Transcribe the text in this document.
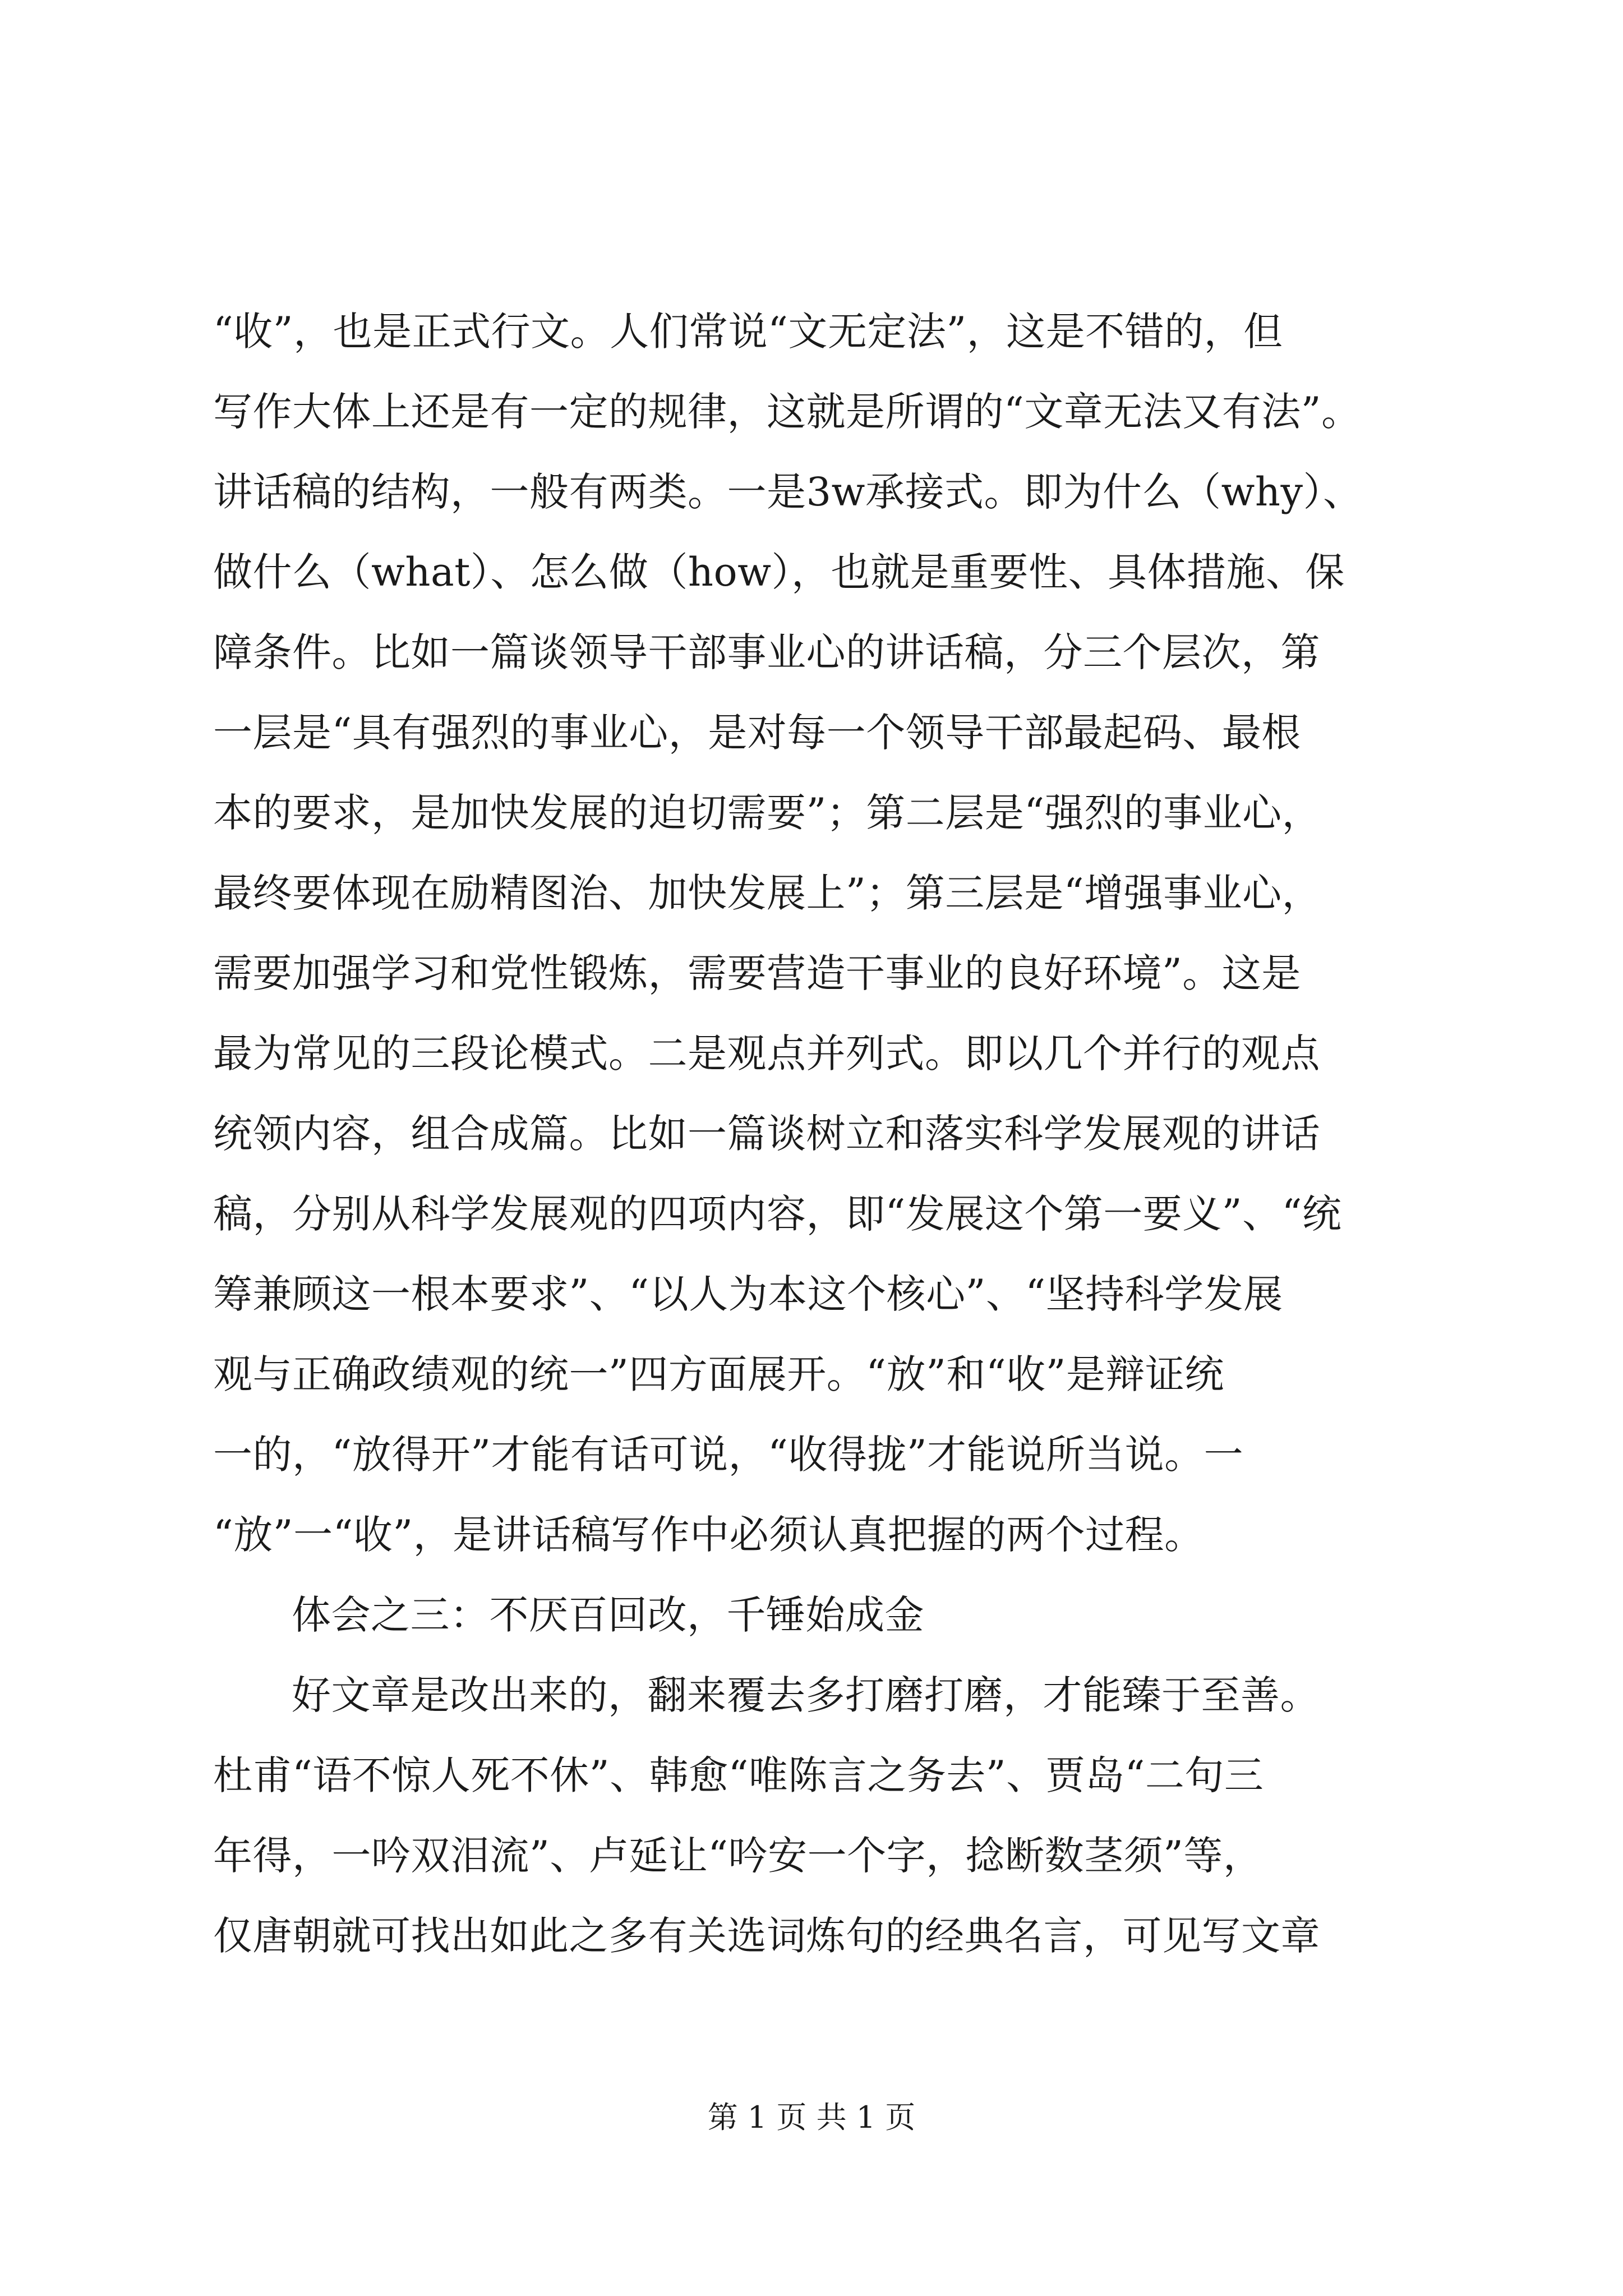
“收”，也是正式行文。人们常说“文无定法”，这是不错的，但
写作大体上还是有一定的规律，这就是所谓的“文章无法又有法”。
讲话稿的结构，一般有两类。一是3w承接式。即为什么（why）、
做什么（what）、怎么做（how），也就是重要性、具体措施、保
障条件。比如一篇谈领导干部事业心的讲话稿，分三个层次，第
一层是“具有强烈的事业心，是对每一个领导干部最起码、最根
本的要求，是加快发展的迫切需要”；第二层是“强烈的事业心，
最终要体现在励精图治、加快发展上”；第三层是“增强事业心，
需要加强学习和党性锻炼，需要营造干事业的良好环境”。这是
最为常见的三段论模式。二是观点并列式。即以几个并行的观点
统领内容，组合成篇。比如一篇谈树立和落实科学发展观的讲话
稿，分别从科学发展观的四项内容，即“发展这个第一要义”、“统
筹兼顾这一根本要求”、“以人为本这个核心”、“坚持科学发展
观与正确政绩观的统一”四方面展开。“放”和“收”是辩证统
一的，“放得开”才能有话可说，“收得拢”才能说所当说。一
“放”一“收”，是讲话稿写作中必须认真把握的两个过程。
体会之三：不厌百回改，千锤始成金
好文章是改出来的，翻来覆去多打磨打磨，才能臻于至善。
杜甫“语不惊人死不休”、韩愈“唯陈言之务去”、贾岛“二句三
年得，一吟双泪流”、卢延让“吟安一个字，捻断数茎须”等，
仅唐朝就可找出如此之多有关选词炼句的经典名言，可见写文章
第 1 页 共 1 页
